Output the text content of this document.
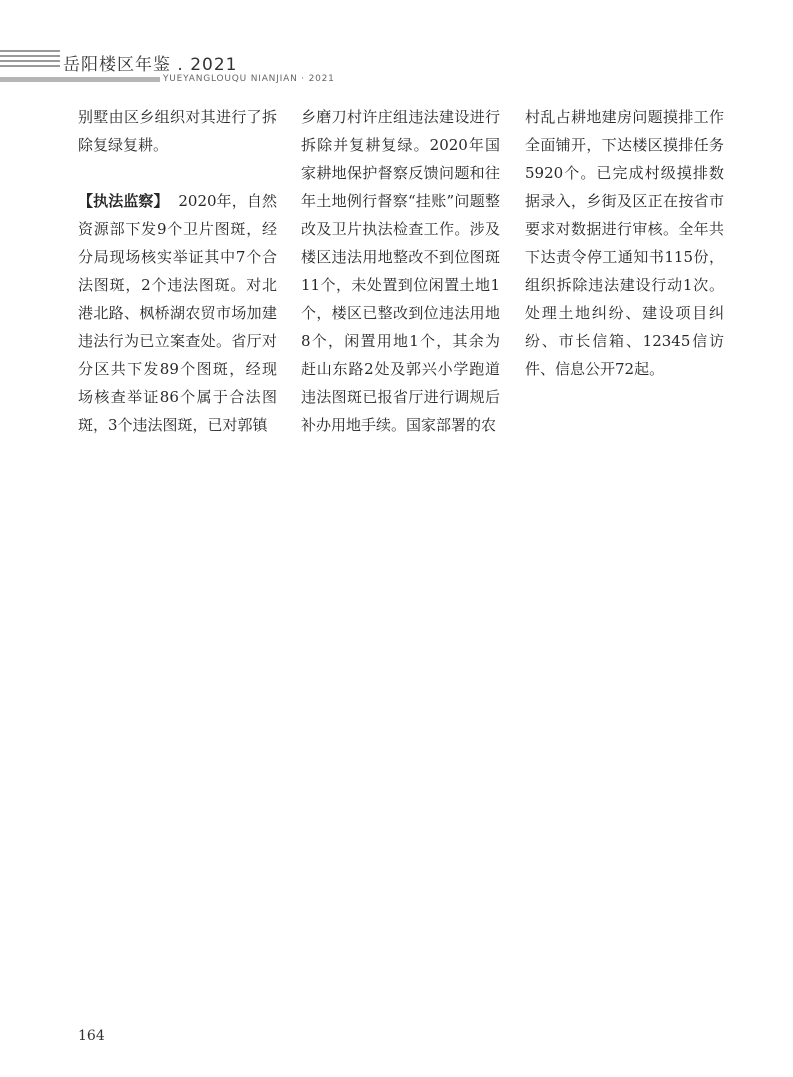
岳阳楼区年鉴 . 2021
YUEYANGLOUQU NIANJIAN · 2021

别墅由区乡组织对其进行了拆除复绿复耕。

【执法监察】 2020年，自然资源部下发9个卫片图斑，经分局现场核实举证其中7个合法图斑，2个违法图斑。对北港北路、枫桥湖农贸市场加建违法行为已立案查处。省厅对分区共下发89个图斑，经现场核查举证86个属于合法图斑，3个违法图斑，已对郭镇

乡磨刀村许庄组违法建设进行拆除并复耕复绿。2020年国家耕地保护督察反馈问题和往年土地例行督察“挂账”问题整改及卫片执法检查工作。涉及楼区违法用地整改不到位图斑11个，未处置到位闲置土地1个，楼区已整改到位违法用地8个，闲置用地1个，其余为赶山东路2处及郭兴小学跑道违法图斑已报省厅进行调规后补办用地手续。国家部署的农

村乱占耕地建房问题摸排工作全面铺开，下达楼区摸排任务5920个。已完成村级摸排数据录入，乡街及区正在按省市要求对数据进行审核。全年共下达责令停工通知书115份，组织拆除违法建设行动1次。处理土地纠纷、建设项目纠纷、市长信箱、12345信访件、信息公开72起。

164
